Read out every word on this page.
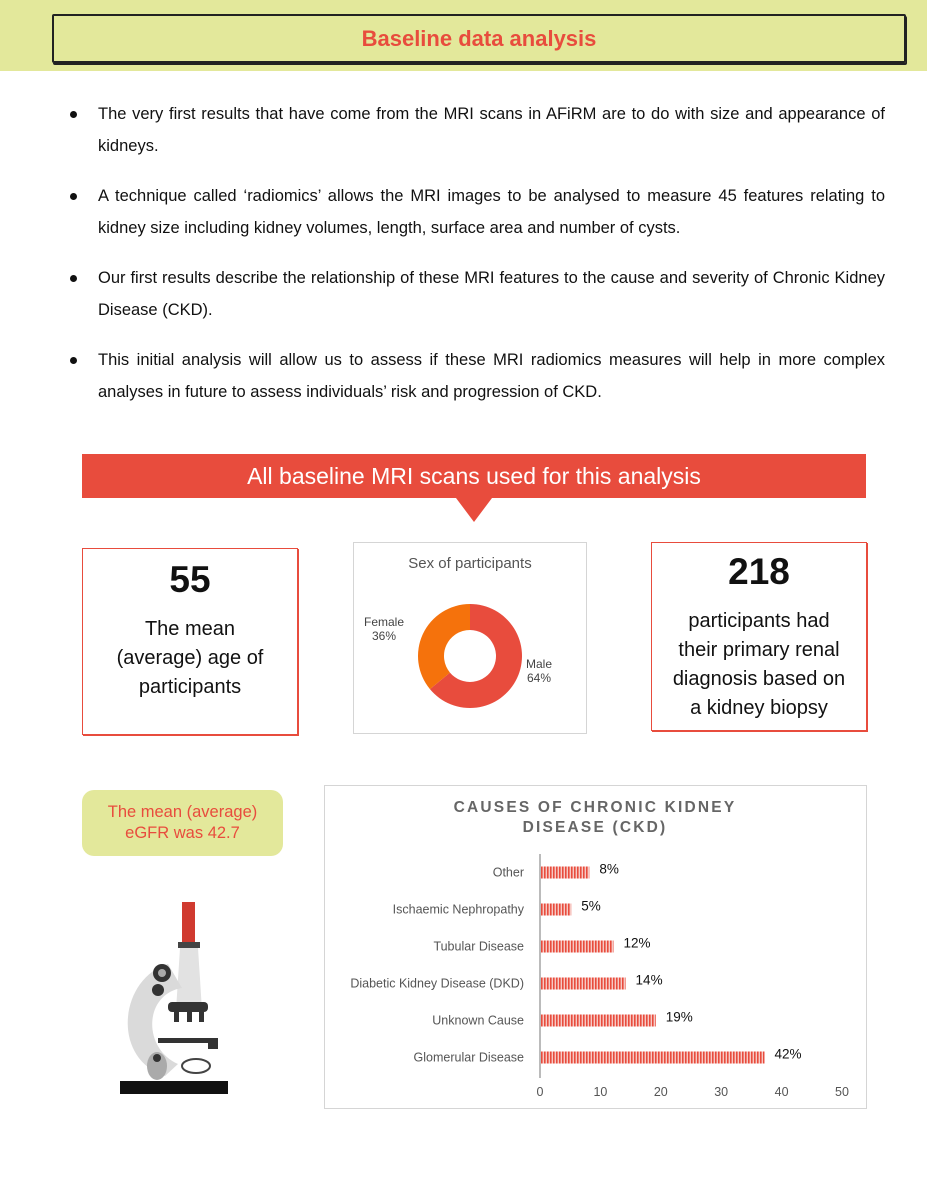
Baseline data analysis
The very first results that have come from the MRI scans in AFiRM are to do with size and appearance of kidneys.
A technique called ‘radiomics’ allows the MRI images to be analysed to measure 45 features relating to kidney size including kidney volumes, length, surface area and number of cysts.
Our first results describe the relationship of these MRI features to the cause and severity of Chronic Kidney Disease (CKD).
This initial analysis will allow us to assess if these MRI radiomics measures will help in more complex analyses in future to assess individuals’ risk and progression of CKD.
All baseline MRI scans used for this analysis
55
The mean (average) age of participants
Sex of participants
Female
36%
Male
64%
218
participants had their primary renal diagnosis based on a kidney biopsy
The mean (average) eGFR was 42.7
CAUSES OF CHRONIC KIDNEY
DISEASE (CKD)
Other	8%
Ischaemic Nephropathy	5%
Tubular Disease	12%
Diabetic Kidney Disease (DKD)	14%
Unknown Cause	19%
Glomerular Disease	42%
0	10	20	30	40	50
